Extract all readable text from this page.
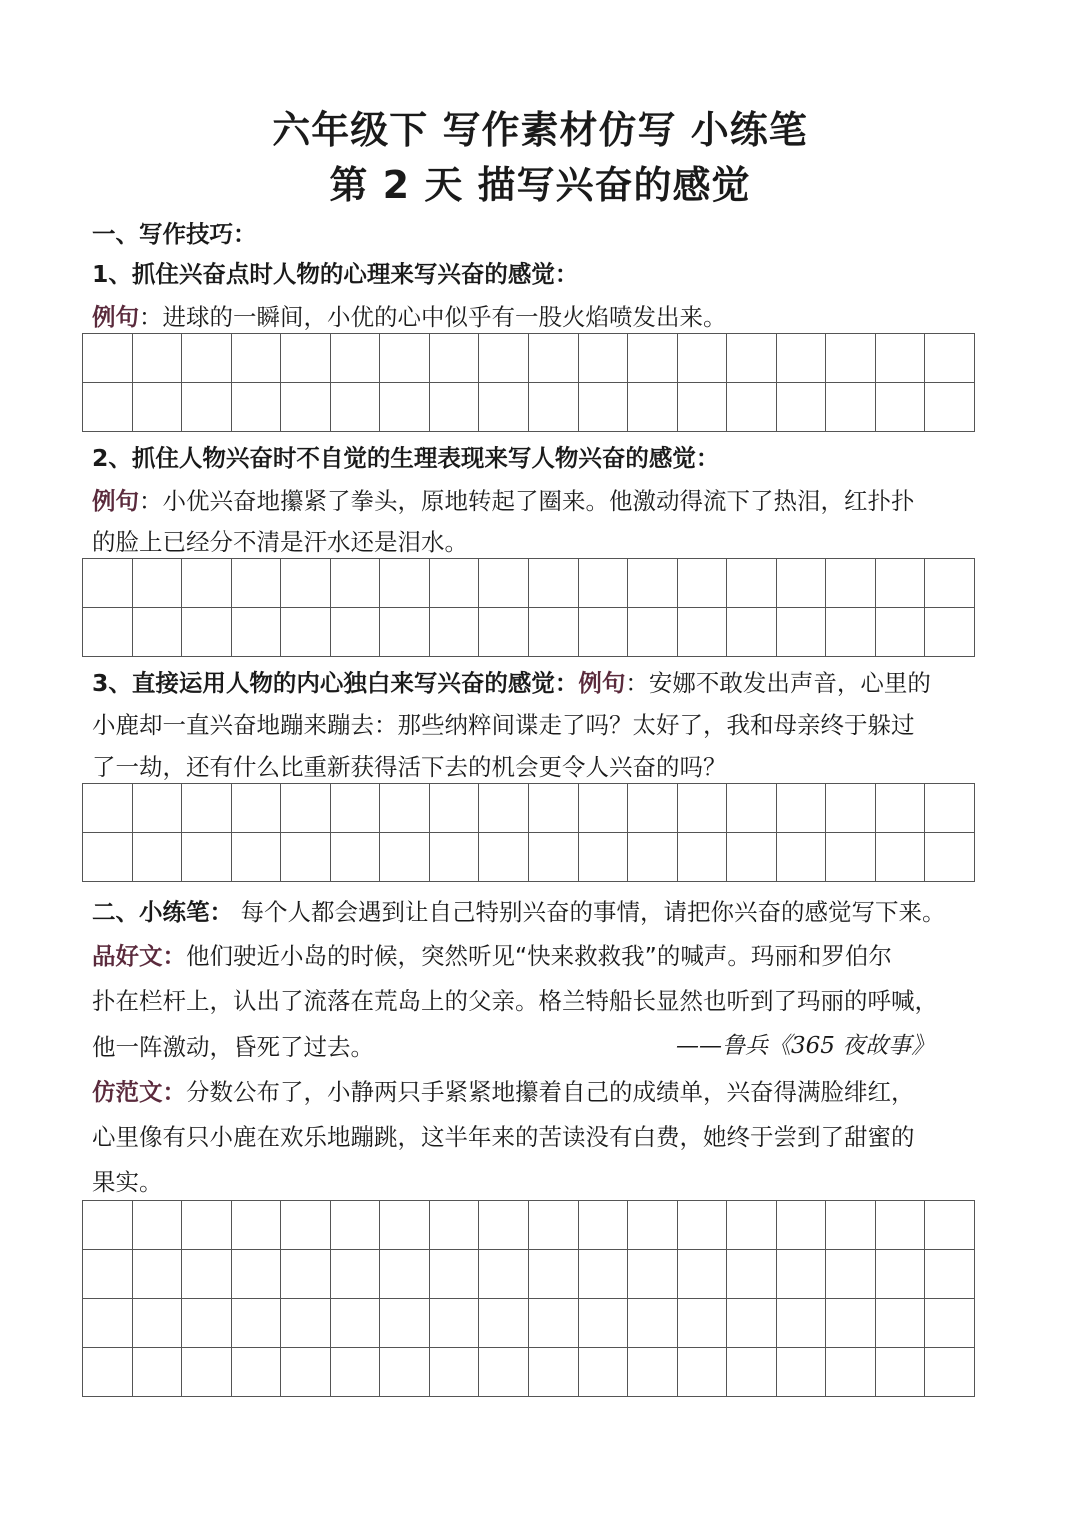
六年级下 写作素材仿写 小练笔
第 2 天 描写兴奋的感觉
一、写作技巧：
1、抓住兴奋点时人物的心理来写兴奋的感觉：
例句：进球的一瞬间，小优的心中似乎有一股火焰喷发出来。
2、抓住人物兴奋时不自觉的生理表现来写人物兴奋的感觉：
例句：小优兴奋地攥紧了拳头，原地转起了圈来。他激动得流下了热泪，红扑扑
的脸上已经分不清是汗水还是泪水。
3、直接运用人物的内心独白来写兴奋的感觉：例句：安娜不敢发出声音，心里的
小鹿却一直兴奋地蹦来蹦去：那些纳粹间谍走了吗？太好了，我和母亲终于躲过
了一劫，还有什么比重新获得活下去的机会更令人兴奋的吗？
二、小练笔： 每个人都会遇到让自己特别兴奋的事情，请把你兴奋的感觉写下来。
品好文：他们驶近小岛的时候，突然听见“快来救救我”的喊声。玛丽和罗伯尔
扑在栏杆上，认出了流落在荒岛上的父亲。格兰特船长显然也听到了玛丽的呼喊，
他一阵激动，昏死了过去。	——鲁兵《365 夜故事》
仿范文：分数公布了，小静两只手紧紧地攥着自己的成绩单，兴奋得满脸绯红，
心里像有只小鹿在欢乐地蹦跳，这半年来的苦读没有白费，她终于尝到了甜蜜的
果实。
